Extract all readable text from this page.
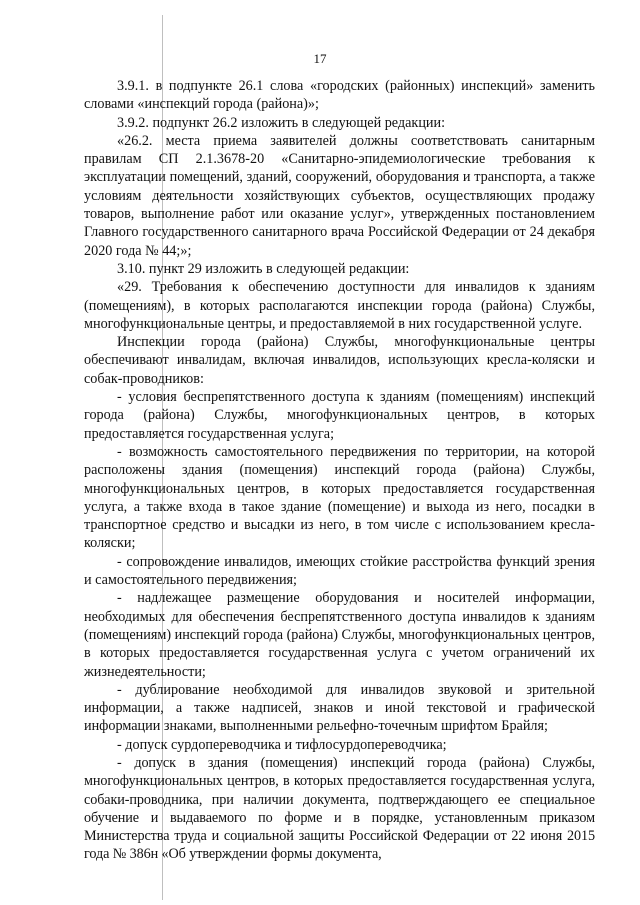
17

3.9.1. в подпункте 26.1 слова «городских (районных) инспекций» заменить словами «инспекций города (района)»;

3.9.2. подпункт 26.2 изложить в следующей редакции:

«26.2. места приема заявителей должны соответствовать санитарным правилам СП 2.1.3678-20 «Санитарно-эпидемиологические требования к эксплуатации помещений, зданий, сооружений, оборудования и транспорта, а также условиям деятельности хозяйствующих субъектов, осуществляющих продажу товаров, выполнение работ или оказание услуг», утвержденных постановлением Главного государственного санитарного врача Российской Федерации от 24 декабря 2020 года № 44;»;

3.10. пункт 29 изложить в следующей редакции:

«29. Требования к обеспечению доступности для инвалидов к зданиям (помещениям), в которых располагаются инспекции города (района) Службы, многофункциональные центры, и предоставляемой в них государственной услуге.

Инспекции города (района) Службы, многофункциональные центры обеспечивают инвалидам, включая инвалидов, использующих кресла-коляски и собак-проводников:

- условия беспрепятственного доступа к зданиям (помещениям) инспекций города (района) Службы, многофункциональных центров, в которых предоставляется государственная услуга;

- возможность самостоятельного передвижения по территории, на которой расположены здания (помещения) инспекций города (района) Службы, многофункциональных центров, в которых предоставляется государственная услуга, а также входа в такое здание (помещение) и выхода из него, посадки в транспортное средство и высадки из него, в том числе с использованием кресла-коляски;

- сопровождение инвалидов, имеющих стойкие расстройства функций зрения и самостоятельного передвижения;

- надлежащее размещение оборудования и носителей информации, необходимых для обеспечения беспрепятственного доступа инвалидов к зданиям (помещениям) инспекций города (района) Службы, многофункциональных центров, в которых предоставляется государственная услуга с учетом ограничений их жизнедеятельности;

- дублирование необходимой для инвалидов звуковой и зрительной информации, а также надписей, знаков и иной текстовой и графической информации знаками, выполненными рельефно-точечным шрифтом Брайля;

- допуск сурдопереводчика и тифлосурдопереводчика;

- допуск в здания (помещения) инспекций города (района) Службы, многофункциональных центров, в которых предоставляется государственная услуга, собаки-проводника, при наличии документа, подтверждающего ее специальное обучение и выдаваемого по форме и в порядке, установленным приказом Министерства труда и социальной защиты Российской Федерации от 22 июня 2015 года № 386н «Об утверждении формы документа,
